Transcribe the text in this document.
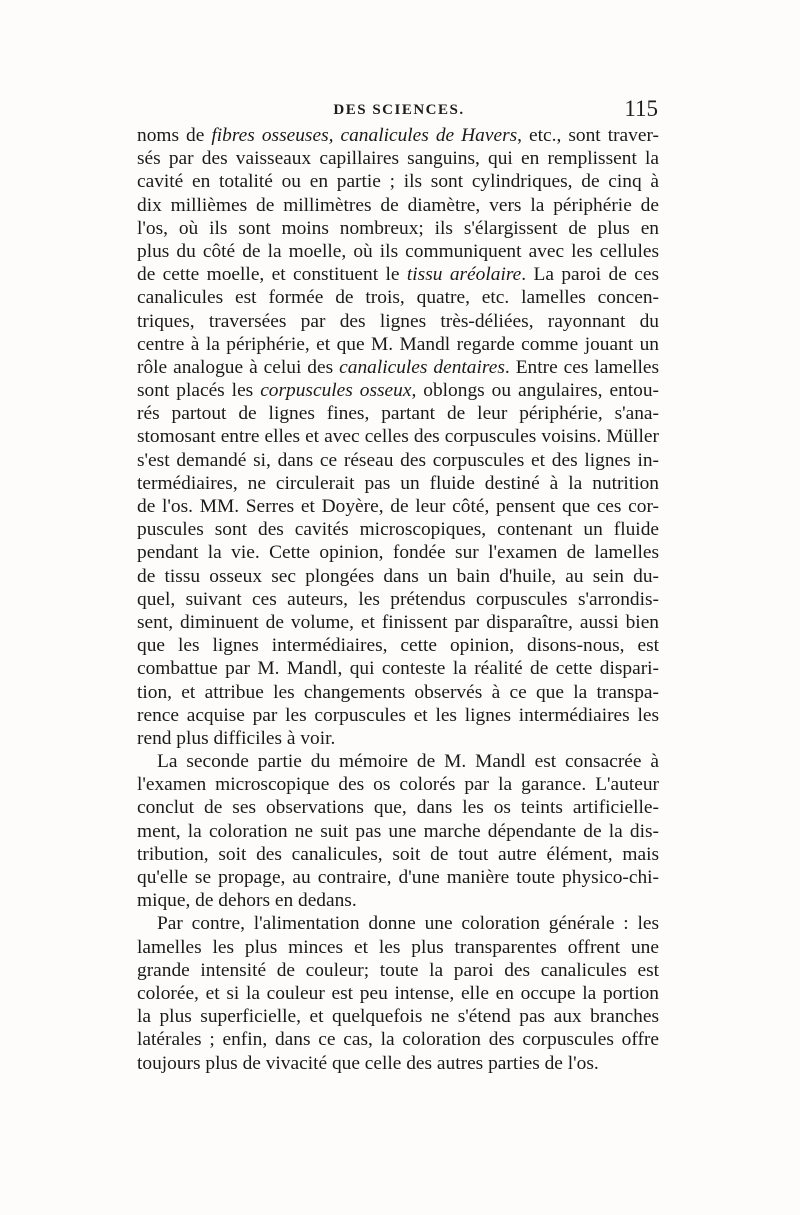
DES SCIENCES.	115
noms de fibres osseuses, canalicules de Havers, etc., sont traver-
sés par des vaisseaux capillaires sanguins, qui en remplissent la
cavité en totalité ou en partie ; ils sont cylindriques, de cinq à
dix millièmes de millimètres de diamètre, vers la périphérie de
l'os, où ils sont moins nombreux; ils s'élargissent de plus en
plus du côté de la moelle, où ils communiquent avec les cellules
de cette moelle, et constituent le tissu aréolaire. La paroi de ces
canalicules est formée de trois, quatre, etc. lamelles concen-
triques, traversées par des lignes très-déliées, rayonnant du
centre à la périphérie, et que M. Mandl regarde comme jouant un
rôle analogue à celui des canalicules dentaires. Entre ces lamelles
sont placés les corpuscules osseux, oblongs ou angulaires, entou-
rés partout de lignes fines, partant de leur périphérie, s'ana-
stomosant entre elles et avec celles des corpuscules voisins. Müller
s'est demandé si, dans ce réseau des corpuscules et des lignes in-
termédiaires, ne circulerait pas un fluide destiné à la nutrition
de l'os. MM. Serres et Doyère, de leur côté, pensent que ces cor-
puscules sont des cavités microscopiques, contenant un fluide
pendant la vie. Cette opinion, fondée sur l'examen de lamelles
de tissu osseux sec plongées dans un bain d'huile, au sein du-
quel, suivant ces auteurs, les prétendus corpuscules s'arrondis-
sent, diminuent de volume, et finissent par disparaître, aussi bien
que les lignes intermédiaires, cette opinion, disons-nous, est
combattue par M. Mandl, qui conteste la réalité de cette dispari-
tion, et attribue les changements observés à ce que la transpa-
rence acquise par les corpuscules et les lignes intermédiaires les
rend plus difficiles à voir.
La seconde partie du mémoire de M. Mandl est consacrée à
l'examen microscopique des os colorés par la garance. L'auteur
conclut de ses observations que, dans les os teints artificielle-
ment, la coloration ne suit pas une marche dépendante de la dis-
tribution, soit des canalicules, soit de tout autre élément, mais
qu'elle se propage, au contraire, d'une manière toute physico-chi-
mique, de dehors en dedans.
Par contre, l'alimentation donne une coloration générale : les
lamelles les plus minces et les plus transparentes offrent une
grande intensité de couleur; toute la paroi des canalicules est
colorée, et si la couleur est peu intense, elle en occupe la portion
la plus superficielle, et quelquefois ne s'étend pas aux branches
latérales ; enfin, dans ce cas, la coloration des corpuscules offre
toujours plus de vivacité que celle des autres parties de l'os.
